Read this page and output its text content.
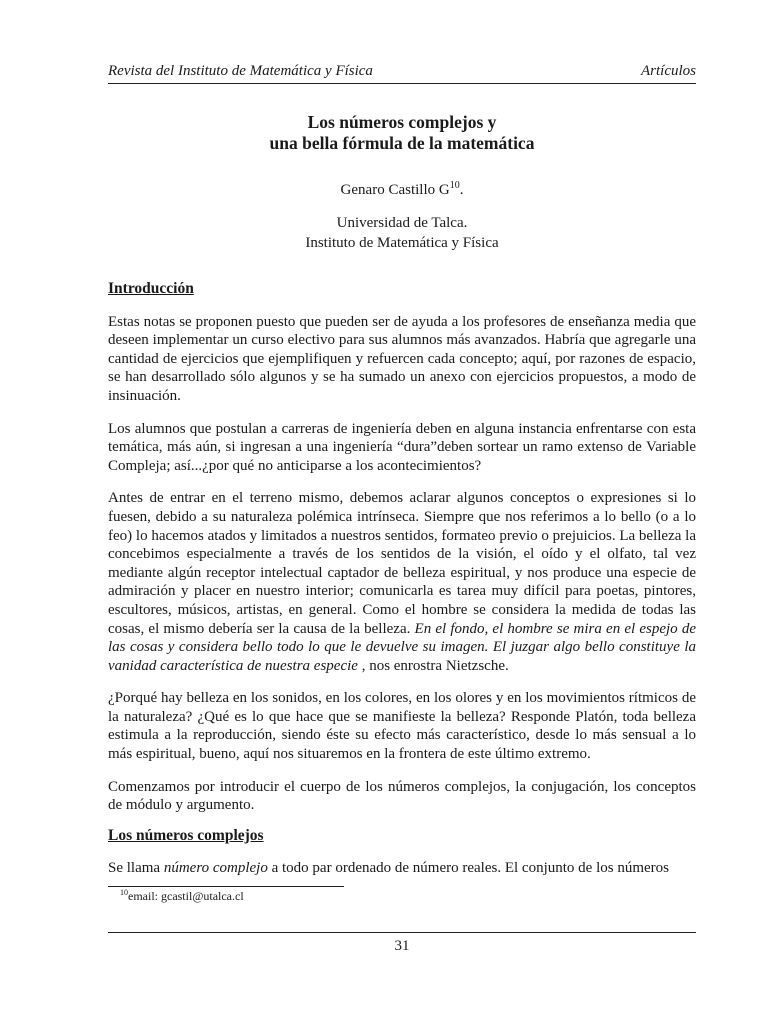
Revista del Instituto de Matemática y Física	Artículos
Los números complejos y
una bella fórmula de la matemática
Genaro Castillo $G^{10}$.
Universidad de Talca.
Instituto de Matemática y Física
Introducción

Estas notas se proponen puesto que pueden ser de ayuda a los profesores de enseñanza media que deseen implementar un curso electivo para sus alumnos más avanzados. Habría que agregarle una cantidad de ejercicios que ejemplifiquen y refuercen cada concepto; aquí, por razones de espacio, se han desarrollado sólo algunos y se ha sumado un anexo con ejercicios propuestos, a modo de insinuación.

Los alumnos que postulan a carreras de ingeniería deben en alguna instancia enfrentarse con esta temática, más aún, si ingresan a una ingeniería “dura”deben sortear un ramo extenso de Variable Compleja; así...¿por qué no anticiparse a los acontecimientos?

Antes de entrar en el terreno mismo, debemos aclarar algunos conceptos o expresiones si lo fuesen, debido a su naturaleza polémica intrínseca. Siempre que nos referimos a lo bello (o a lo feo) lo hacemos atados y limitados a nuestros sentidos, formateo previo o prejuicios. La belleza la concebimos especialmente a través de los sentidos de la visión, el oído y el olfato, tal vez mediante algún receptor intelectual captador de belleza espiritual, y nos produce una especie de admiración y placer en nuestro interior; comunicarla es tarea muy difícil para poetas, pintores, escultores, músicos, artistas, en general. Como el hombre se considera la medida de todas las cosas, el mismo debería ser la causa de la belleza. En el fondo, el hombre se mira en el espejo de las cosas y considera bello todo lo que le devuelve su imagen. El juzgar algo bello constituye la vanidad característica de nuestra especie , nos enrostra Nietzsche.

¿Porqué hay belleza en los sonidos, en los colores, en los olores y en los movimientos rítmicos de la naturaleza? ¿Qué es lo que hace que se manifieste la belleza? Responde Platón, toda belleza estimula a la reproducción, siendo éste su efecto más característico, desde lo más sensual a lo más espiritual, bueno, aquí nos situaremos en la frontera de este último extremo.

Comenzamos por introducir el cuerpo de los números complejos, la conjugación, los conceptos de módulo y argumento.

Los números complejos

Se llama número complejo a todo par ordenado de número reales. El conjunto de los números

$^{10}$email: gcastil@utalca.cl
31
